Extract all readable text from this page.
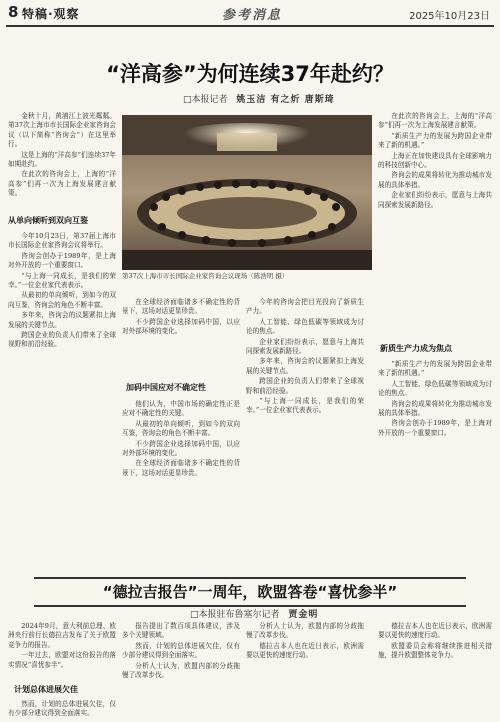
8 特稿·观察	参考消息	2025年10月23日
“洋高参”为何连续37年赴约？
□本报记者 姚玉洁 有之炘 唐斯琦
第37次上海市市长国际企业家咨询会议现场（陈浩明 摄）

金秋十月，黄浦江上波光粼粼。第37次上海市市长国际企业家咨询会议（以下简称“咨询会”）在这里举行。

这是上海的“洋高参”们连续37年如期赴约。

在此次的咨询会上，上海的“洋高参”们再一次为上海发展建言献策。

从单向倾听到双向互鉴

今年10月23日，第37届上海市市长国际企业家咨询会议将举行。

咨询会创办于1989年，是上海对外开放的一个重要窗口。

“与上海一同成长，是我们的荣幸。”一位企业家代表表示。

从最初的单向倾听，到如今的双向互鉴，咨询会的角色不断丰富。

多年来，咨询会的议题紧扣上海发展的关键节点。

跨国企业的负责人们带来了全球视野和前沿经验。

在全球经济面临诸多不确定性的背景下，这场对话更显珍贵。

不少跨国企业选择加码中国，以应对外部环境的变化。

加码中国应对不确定性

他们认为，中国市场的确定性正是应对不确定性的关键。

从最初的单向倾听，到如今的双向互鉴，咨询会的角色不断丰富。

不少跨国企业选择加码中国，以应对外部环境的变化。

在全球经济面临诸多不确定性的背景下，这场对话更显珍贵。

今年的咨询会把目光投向了新质生产力。

人工智能、绿色低碳等领域成为讨论的焦点。

企业家们纷纷表示，愿意与上海共同探索发展新路径。

多年来，咨询会的议题紧扣上海发展的关键节点。

跨国企业的负责人们带来了全球视野和前沿经验。

“与上海一同成长，是我们的荣幸。”一位企业家代表表示。

在此次的咨询会上，上海的“洋高参”们再一次为上海发展建言献策。

“新质生产力的发展为跨国企业带来了新的机遇。”

上海正在加快建设具有全球影响力的科技创新中心。

咨询会的成果将转化为推动城市发展的具体举措。

企业家们纷纷表示，愿意与上海共同探索发展新路径。

新质生产力成为焦点

“新质生产力的发展为跨国企业带来了新的机遇。”

人工智能、绿色低碳等领域成为讨论的焦点。

咨询会的成果将转化为推动城市发展的具体举措。

咨询会创办于1989年，是上海对外开放的一个重要窗口。

“德拉吉报告”一周年，欧盟答卷“喜忧参半”
□本报驻布鲁塞尔记者 贾金明

2024年9月，意大利前总理、欧洲央行前行长德拉吉发布了关于欧盟竞争力的报告。

一年过去，欧盟对这份报告的落实情况“喜忧参半”。

计划总体进展欠佳

然而，计划的总体进展欠佳，仅有少部分建议得到全面落实。

报告提出了数百项具体建议，涉及多个关键领域。

然而，计划的总体进展欠佳，仅有少部分建议得到全面落实。

分析人士认为，欧盟内部的分歧拖慢了改革步伐。

分析人士认为，欧盟内部的分歧拖慢了改革步伐。

德拉吉本人也在近日表示，欧洲需要以更快的速度行动。

德拉吉本人也在近日表示，欧洲需要以更快的速度行动。

欧盟委员会称将继续推进相关措施，提升欧盟整体竞争力。
